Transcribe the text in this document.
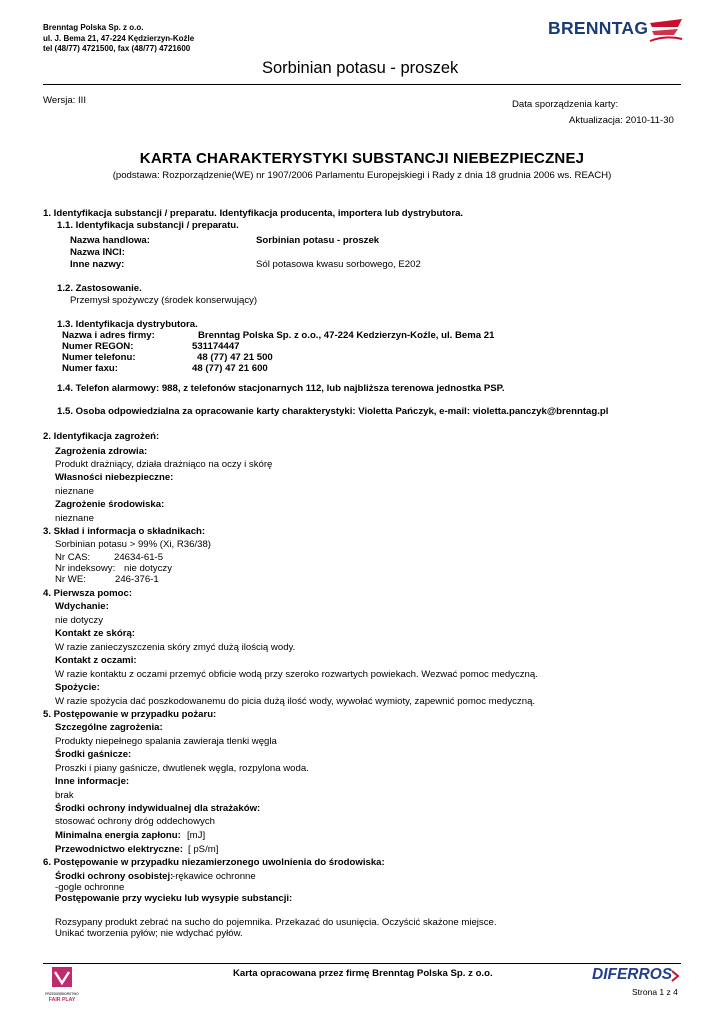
Brenntag Polska Sp. z o.o.
ul. J. Bema 21, 47-224 Kędzierzyn-Koźle
tel (48/77) 4721500, fax (48/77) 4721600
BRENNTAG
Sorbinian potasu - proszek
Wersja: III	Data sporządzenia karty:
Aktualizacja: 2010-11-30
KARTA CHARAKTERYSTYKI SUBSTANCJI NIEBEZPIECZNEJ
(podstawa: Rozporządzenie(WE) nr 1907/2006 Parlamentu Europejskiegi i Rady z dnia 18 grudnia 2006 ws. REACH)
1. Identyfikacja substancji / preparatu. Identyfikacja producenta, importera lub dystrybutora.
1.1. Identyfikacja substancji / preparatu.
Nazwa handlowa:	Sorbinian potasu - proszek
Nazwa INCI:
Inne nazwy:	Sól potasowa kwasu sorbowego, E202
1.2. Zastosowanie.
Przemysł spożywczy (środek konserwujący)
1.3. Identyfikacja dystrybutora.
Nazwa i adres firmy:	Brenntag Polska Sp. z o.o., 47-224 Kedzierzyn-Koźle, ul. Bema 21
Numer REGON:	531174447
Numer telefonu:	48 (77) 47 21 500
Numer faxu:	48 (77) 47 21 600
1.4. Telefon alarmowy: 988, z telefonów stacjonarnych 112, lub najbliższa terenowa jednostka PSP.
1.5. Osoba odpowiedzialna za opracowanie karty charakterystyki: Violetta Pańczyk, e-mail: violetta.panczyk@brenntag.pl
2. Identyfikacja zagrożeń:
Zagrożenia zdrowia:
Produkt drażniący, działa drażniąco na oczy i skórę
Własności niebezpieczne:
nieznane
Zagrożenie środowiska:
nieznane
3. Skład i informacja o składnikach:
Sorbinian potasu > 99% (Xi, R36/38)
Nr CAS: 24634-61-5
Nr indeksowy: nie dotyczy
Nr WE:	246-376-1
4. Pierwsza pomoc:
Wdychanie:
nie dotyczy
Kontakt ze skórą:
W razie zanieczyszczenia skóry zmyć dużą ilością wody.
Kontakt z oczami:
W razie kontaktu z oczami przemyć obficie wodą przy szeroko rozwartych powiekach. Wezwać pomoc medyczną.
Spożycie:
W razie spożycia dać poszkodowanemu do picia dużą ilość wody, wywołać wymioty, zapewnić pomoc medyczną.
5. Postępowanie w przypadku pożaru:
Szczególne zagrożenia:
Produkty niepełnego spalania zawieraja tlenki węgla
Środki gaśnicze:
Proszki i piany gaśnicze, dwutlenek węgla, rozpylona woda.
Inne informacje:
brak
Środki ochrony indywidualnej dla strażaków:
stosować ochrony dróg oddechowych
Minimalna energia zapłonu: [mJ]
Przewodnictwo elektryczne: [ pS/m]
6. Postępowanie w przypadku niezamierzonego uwolnienia do środowiska:
Środki ochrony osobistej:
-rękawice ochronne
-gogle ochronne
Postępowanie przy wycieku lub wysypie substancji:
Rozsypany produkt zebrać na sucho do pojemnika. Przekazać do usunięcia. Oczyścić skażone miejsce.
Unikać tworzenia pyłów; nie wdychać pyłów.
PRZEDSIĘBIORSTWO
FAIR PLAY
Karta opracowana przez firmę Brenntag Polska Sp. z o.o.	DIFERROS
Strona 1 z 4
